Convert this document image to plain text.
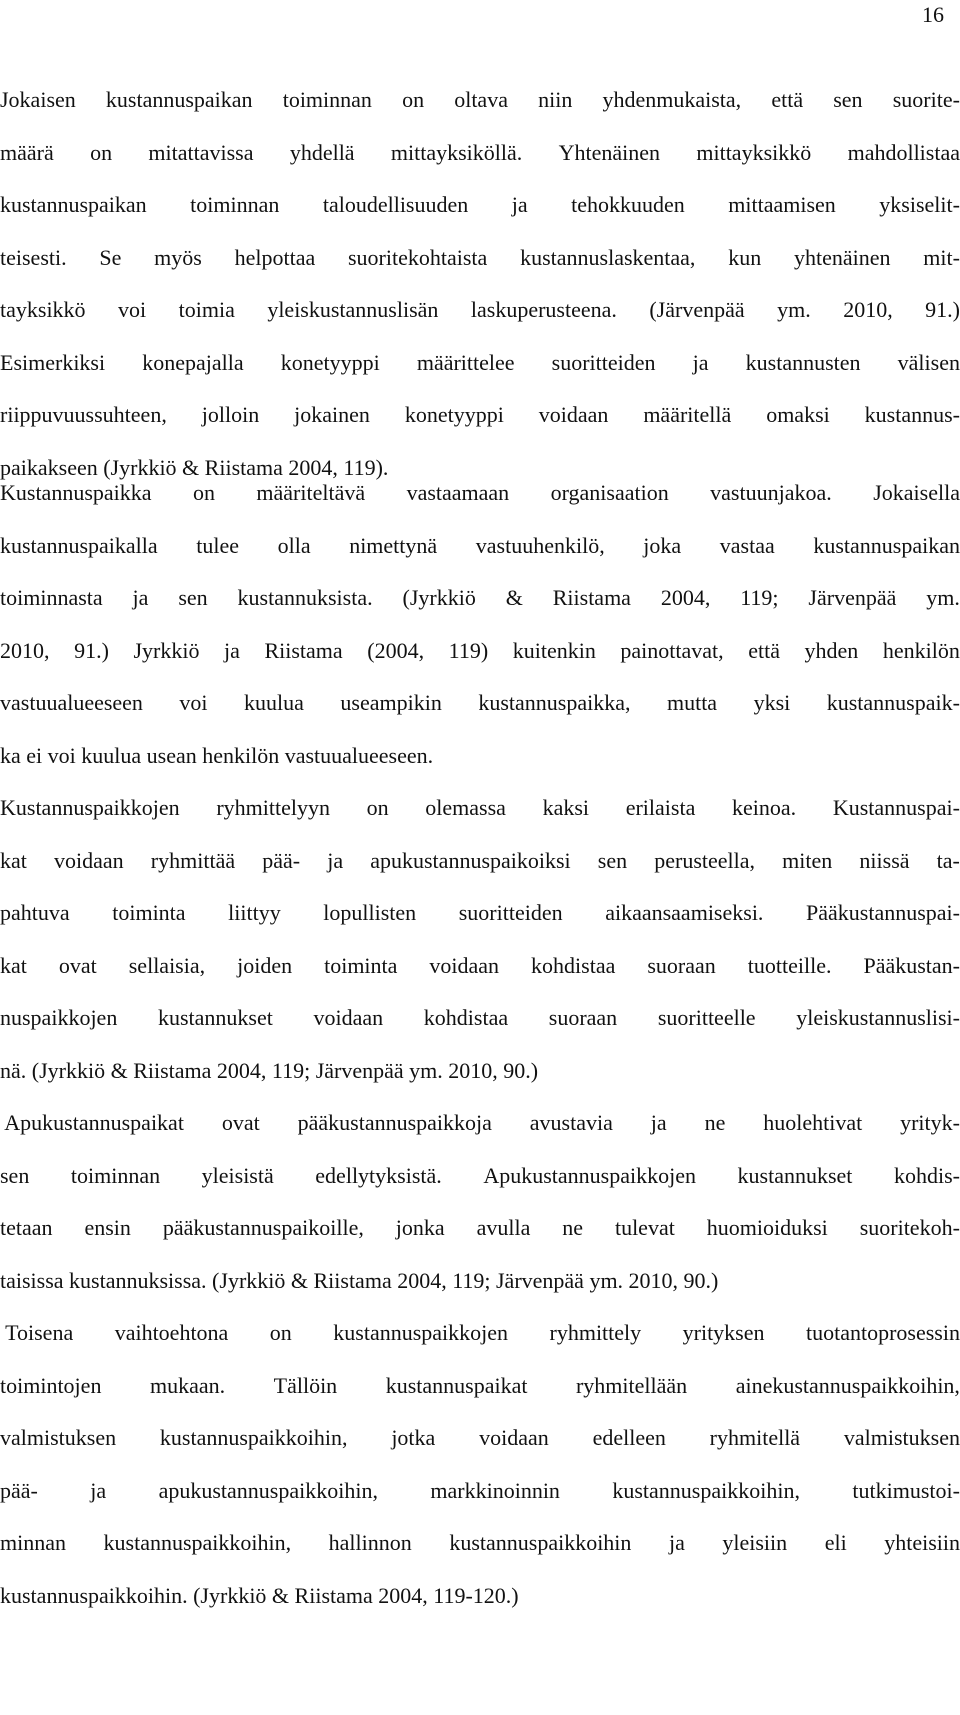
16
Jokaisen kustannuspaikan toiminnan on oltava niin yhdenmukaista, että sen suorite-
määrä on mitattavissa yhdellä mittayksiköllä. Yhtenäinen mittayksikkö mahdollistaa
kustannuspaikan toiminnan taloudellisuuden ja tehokkuuden mittaamisen yksiselit-
teisesti. Se myös helpottaa suoritekohtaista kustannuslaskentaa, kun yhtenäinen mit-
tayksikkö voi toimia yleiskustannuslisän laskuperusteena. (Järvenpää ym. 2010, 91.)
Esimerkiksi konepajalla konetyyppi määrittelee suoritteiden ja kustannusten välisen
riippuvuussuhteen, jolloin jokainen konetyyppi voidaan määritellä omaksi kustannus-
paikakseen (Jyrkkiö & Riistama 2004, 119).
Kustannuspaikka on määriteltävä vastaamaan organisaation vastuunjakoa. Jokaisella
kustannuspaikalla tulee olla nimettynä vastuuhenkilö, joka vastaa kustannuspaikan
toiminnasta ja sen kustannuksista. (Jyrkkiö & Riistama 2004, 119; Järvenpää ym.
2010, 91.) Jyrkkiö ja Riistama (2004, 119) kuitenkin painottavat, että yhden henkilön
vastuualueeseen voi kuulua useampikin kustannuspaikka, mutta yksi kustannuspaik-
ka ei voi kuulua usean henkilön vastuualueeseen.
Kustannuspaikkojen ryhmittelyyn on olemassa kaksi erilaista keinoa. Kustannuspai-
kat voidaan ryhmittää pää- ja apukustannuspaikoiksi sen perusteella, miten niissä ta-
pahtuva toiminta liittyy lopullisten suoritteiden aikaansaamiseksi. Pääkustannuspai-
kat ovat sellaisia, joiden toiminta voidaan kohdistaa suoraan tuotteille. Pääkustan-
nuspaikkojen kustannukset voidaan kohdistaa suoraan suoritteelle yleiskustannuslisi-
nä. (Jyrkkiö & Riistama 2004, 119; Järvenpää ym. 2010, 90.)
Apukustannuspaikat ovat pääkustannuspaikkoja avustavia ja ne huolehtivat yrityk-
sen toiminnan yleisistä edellytyksistä. Apukustannuspaikkojen kustannukset kohdis-
tetaan ensin pääkustannuspaikoille, jonka avulla ne tulevat huomioiduksi suoritekoh-
taisissa kustannuksissa. (Jyrkkiö & Riistama 2004, 119; Järvenpää ym. 2010, 90.)
Toisena vaihtoehtona on kustannuspaikkojen ryhmittely yrityksen tuotantoprosessin
toimintojen mukaan. Tällöin kustannuspaikat ryhmitellään ainekustannuspaikkoihin,
valmistuksen kustannuspaikkoihin, jotka voidaan edelleen ryhmitellä valmistuksen
pää- ja apukustannuspaikkoihin, markkinoinnin kustannuspaikkoihin, tutkimustoi-
minnan kustannuspaikkoihin, hallinnon kustannuspaikkoihin ja yleisiin eli yhteisiin
kustannuspaikkoihin. (Jyrkkiö & Riistama 2004, 119-120.)
